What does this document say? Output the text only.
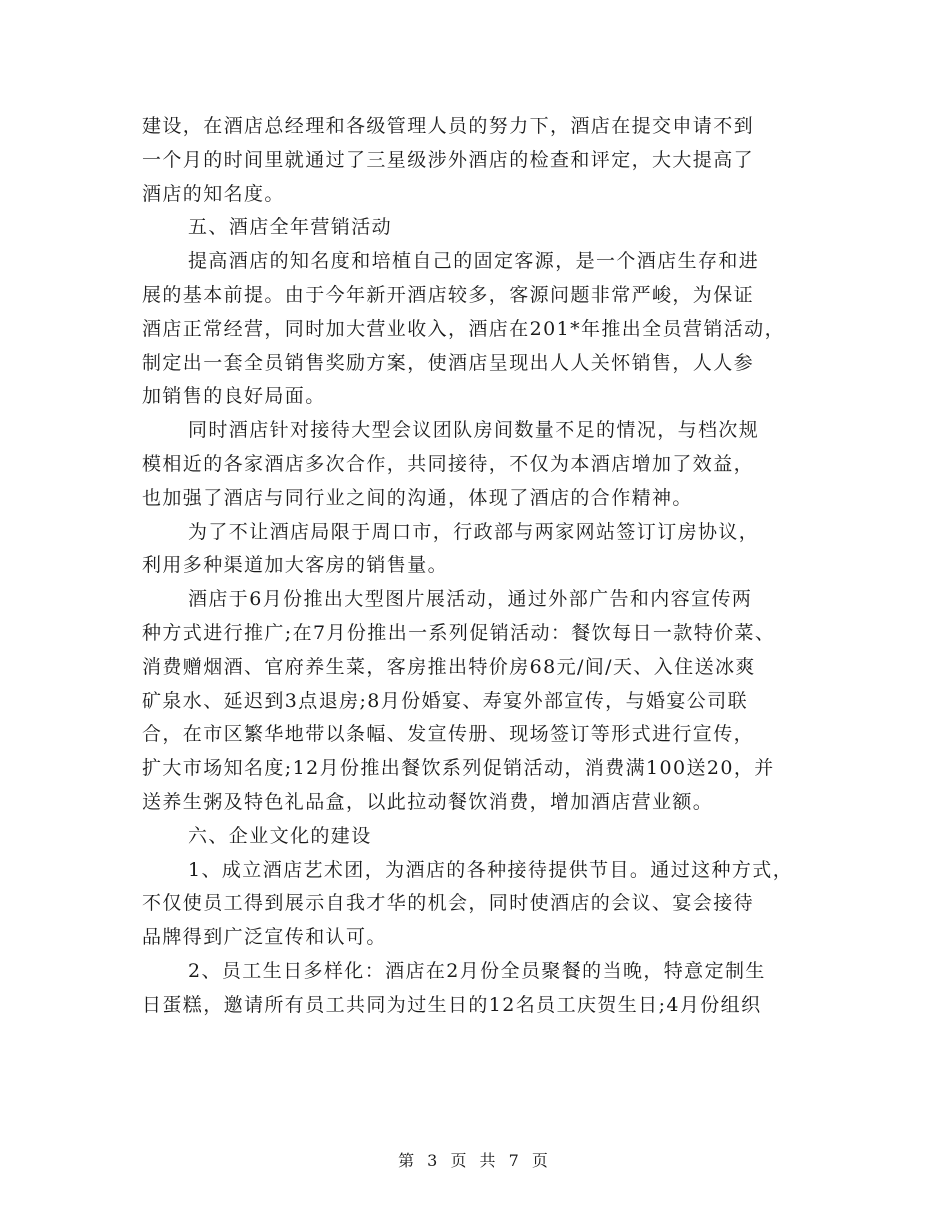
建设，在酒店总经理和各级管理人员的努力下，酒店在提交申请不到
一个月的时间里就通过了三星级涉外酒店的检查和评定，大大提高了
酒店的知名度。
五、酒店全年营销活动
提高酒店的知名度和培植自己的固定客源，是一个酒店生存和进
展的基本前提。由于今年新开酒店较多，客源问题非常严峻，为保证
酒店正常经营，同时加大营业收入，酒店在201*年推出全员营销活动，
制定出一套全员销售奖励方案，使酒店呈现出人人关怀销售，人人参
加销售的良好局面。
同时酒店针对接待大型会议团队房间数量不足的情况，与档次规
模相近的各家酒店多次合作，共同接待，不仅为本酒店增加了效益，
也加强了酒店与同行业之间的沟通，体现了酒店的合作精神。
为了不让酒店局限于周口市，行政部与两家网站签订订房协议，
利用多种渠道加大客房的销售量。
酒店于6月份推出大型图片展活动，通过外部广告和内容宣传两
种方式进行推广;在7月份推出一系列促销活动：餐饮每日一款特价菜、
消费赠烟酒、官府养生菜，客房推出特价房68元/间/天、入住送冰爽
矿泉水、延迟到3点退房;8月份婚宴、寿宴外部宣传，与婚宴公司联
合，在市区繁华地带以条幅、发宣传册、现场签订等形式进行宣传，
扩大市场知名度;12月份推出餐饮系列促销活动，消费满100送20，并
送养生粥及特色礼品盒，以此拉动餐饮消费，增加酒店营业额。
六、企业文化的建设
1、成立酒店艺术团，为酒店的各种接待提供节目。通过这种方式，
不仅使员工得到展示自我才华的机会，同时使酒店的会议、宴会接待
品牌得到广泛宣传和认可。
2、员工生日多样化：酒店在2月份全员聚餐的当晚，特意定制生
日蛋糕，邀请所有员工共同为过生日的12名员工庆贺生日;4月份组织
第 3 页 共 7 页
